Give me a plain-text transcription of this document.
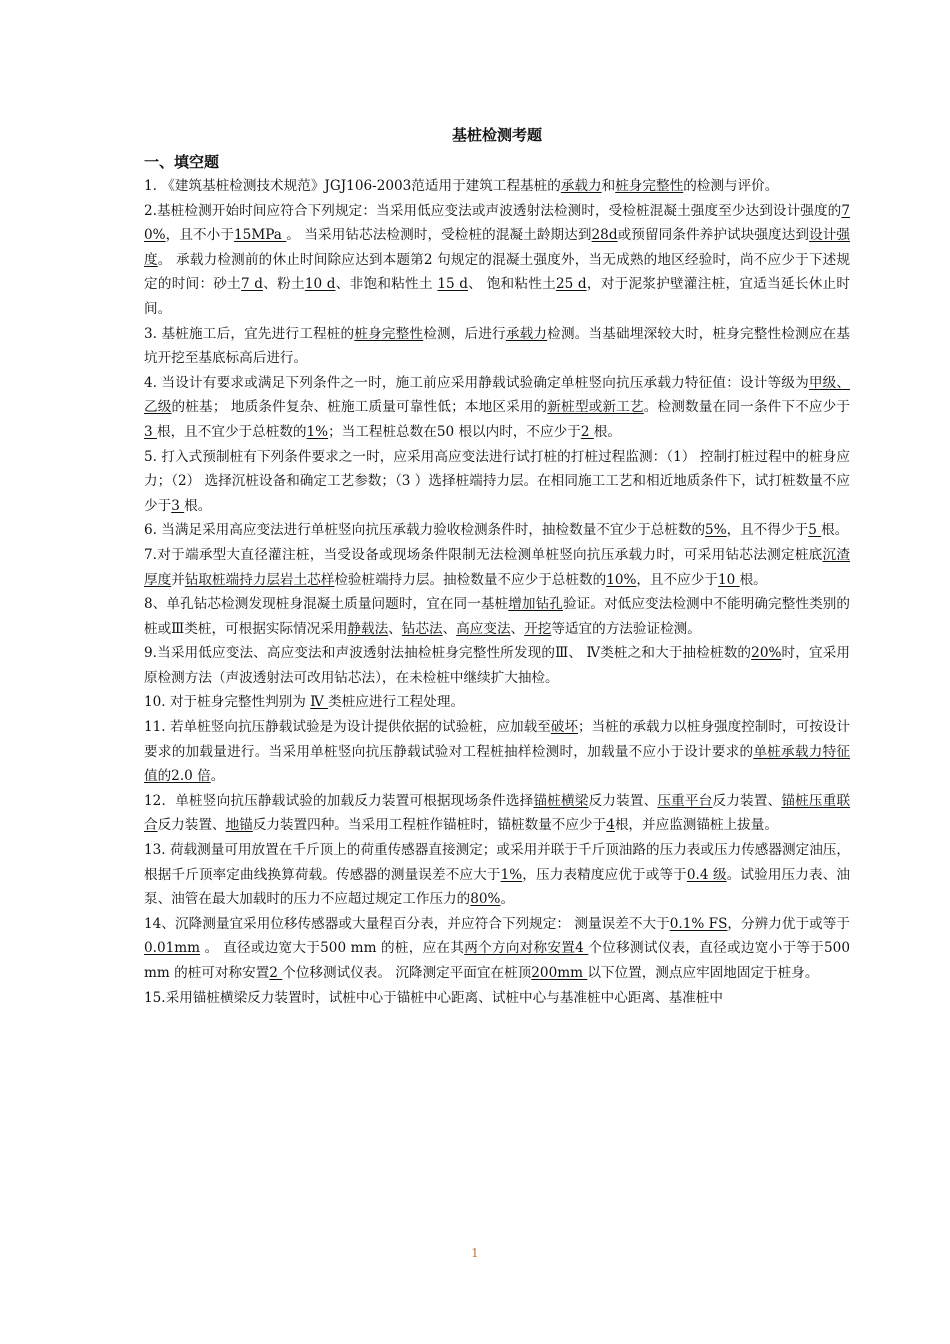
基桩检测考题
一、填空题

1. 《建筑基桩检测技术规范》JGJ106-2003范适用于建筑工程基桩的承载力和桩身完整性的检测与评价。

2.基桩检测开始时间应符合下列规定：当采用低应变法或声波透射法检测时，受检桩混凝土强度至少达到设计强度的70%，且不小于15MPa 。 当采用钻芯法检测时，受检桩的混凝土龄期达到28d或预留同条件养护试块强度达到设计强度。 承载力检测前的休止时间除应达到本题第2 句规定的混凝土强度外，当无成熟的地区经验时，尚不应少于下述规定的时间：砂土7 d、粉土10 d、非饱和粘性土 15 d、 饱和粘性土25 d，对于泥浆护壁灌注桩，宜适当延长休止时间。

3. 基桩施工后，宜先进行工程桩的桩身完整性检测，后进行承载力检测。当基础埋深较大时，桩身完整性检测应在基坑开挖至基底标高后进行。

4. 当设计有要求或满足下列条件之一时，施工前应采用静载试验确定单桩竖向抗压承载力特征值：设计等级为甲级、乙级的桩基； 地质条件复杂、桩施工质量可靠性低；本地区采用的新桩型或新工艺。检测数量在同一条件下不应少于3 根，且不宜少于总桩数的1%；当工程桩总数在50 根以内时，不应少于2 根。

5. 打入式预制桩有下列条件要求之一时，应采用高应变法进行试打桩的打桩过程监测：（1） 控制打桩过程中的桩身应力；（2） 选择沉桩设备和确定工艺参数；（3 ）选择桩端持力层。在相同施工工艺和相近地质条件下，试打桩数量不应少于3 根。

6. 当满足采用高应变法进行单桩竖向抗压承载力验收检测条件时，抽检数量不宜少于总桩数的5%，且不得少于5 根。

7.对于端承型大直径灌注桩，当受设备或现场条件限制无法检测单桩竖向抗压承载力时，可采用钻芯法测定桩底沉渣厚度并钻取桩端持力层岩土芯样检验桩端持力层。抽检数量不应少于总桩数的10%，且不应少于10 根。

8、单孔钻芯检测发现桩身混凝土质量问题时，宜在同一基桩增加钻孔验证。对低应变法检测中不能明确完整性类别的桩或Ⅲ类桩，可根据实际情况采用静载法、钻芯法、高应变法、开挖等适宜的方法验证检测。

9.当采用低应变法、高应变法和声波透射法抽检桩身完整性所发现的Ⅲ、 Ⅳ类桩之和大于抽检桩数的20%时，宜采用原检测方法（声波透射法可改用钻芯法），在未检桩中继续扩大抽检。

10. 对于桩身完整性判别为 Ⅳ 类桩应进行工程处理。

11. 若单桩竖向抗压静载试验是为设计提供依据的试验桩，应加载至破坏；当桩的承载力以桩身强度控制时，可按设计要求的加载量进行。当采用单桩竖向抗压静载试验对工程桩抽样检测时，加载量不应小于设计要求的单桩承载力特征值的2.0 倍。

12．单桩竖向抗压静载试验的加载反力装置可根据现场条件选择锚桩横梁反力装置、压重平台反力装置、锚桩压重联合反力装置、地锚反力装置四种。当采用工程桩作锚桩时，锚桩数量不应少于4根，并应监测锚桩上拔量。

13. 荷载测量可用放置在千斤顶上的荷重传感器直接测定；或采用并联于千斤顶油路的压力表或压力传感器测定油压，根据千斤顶率定曲线换算荷载。传感器的测量误差不应大于1%，压力表精度应优于或等于0.4 级。试验用压力表、油泵、油管在最大加载时的压力不应超过规定工作压力的80%。

14、沉降测量宜采用位移传感器或大量程百分表，并应符合下列规定： 测量误差不大于0.1% FS，分辨力优于或等于0.01mm 。 直径或边宽大于500 mm 的桩，应在其两个方向对称安置4 个位移测试仪表，直径或边宽小于等于500mm 的桩可对称安置2 个位移测试仪表。 沉降测定平面宜在桩顶200mm 以下位置，测点应牢固地固定于桩身。

15.采用锚桩横梁反力装置时，试桩中心于锚桩中心距离、试桩中心与基准桩中心距离、基准桩中

1
